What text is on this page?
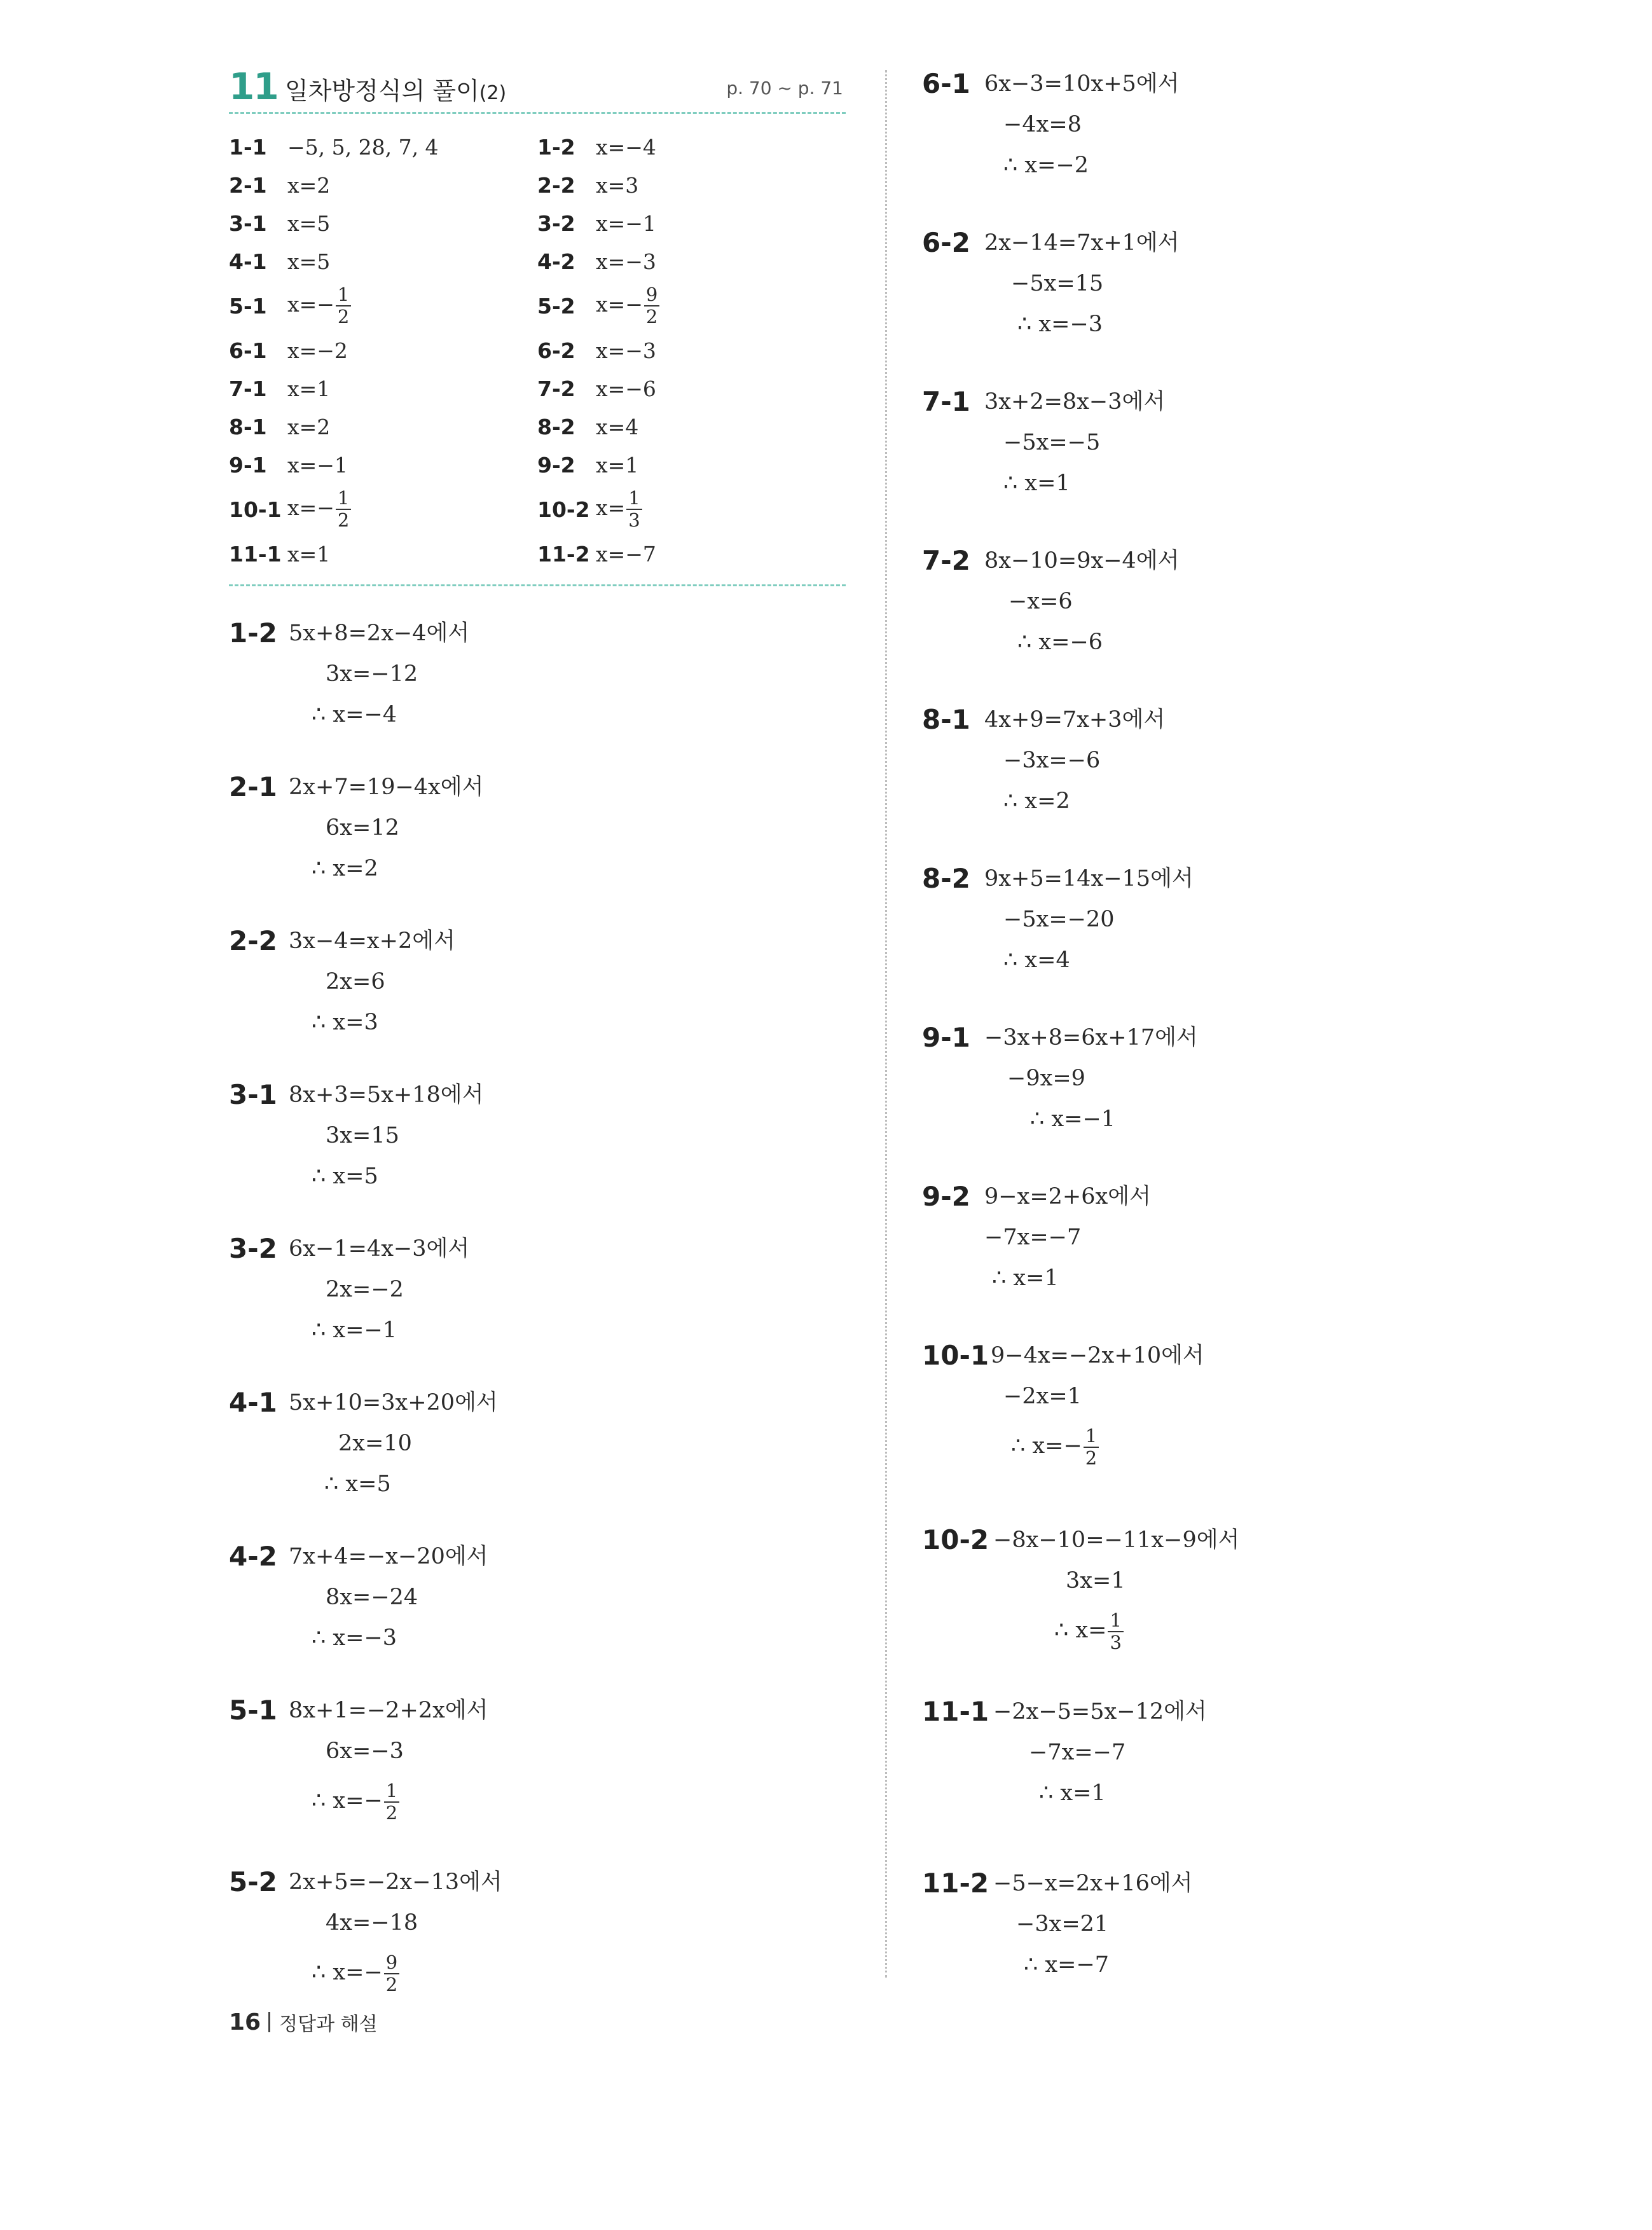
11 일차방정식의 풀이(2)	p. 70 ~ p. 71
1-1 −5, 5, 28, 7, 4	1-2 x=−4
2-1 x=2	2-2 x=3
3-1 x=5	3-2 x=−1
4-1 x=5	4-2 x=−3
5-1 $x=- \frac{1}{2}$	5-2 $x=- \frac{9}{2}$
6-1 x=−2	6-2 x=−3
7-1 x=1	7-2 x=−6
8-1 x=2	8-2 x=4
9-1 x=−1	9-2 x=1
10-1 $x=- \frac{1}{2}$	10-2 $x= \frac{1}{3}$
11-1 x=1	11-2 x=−7
1-2 5x+8=2x−4에서
3x=−12
∴ x=−4
2-1 2x+7=19−4x에서
6x=12
∴ x=2
2-2 3x−4=x+2에서
2x=6
∴ x=3
3-1 8x+3=5x+18에서
3x=15
∴ x=5
3-2 6x−1=4x−3에서
2x=−2
∴ x=−1
4-1 5x+10=3x+20에서
2x=10
∴ x=5
4-2 7x+4=−x−20에서
8x=−24
∴ x=−3
5-1 8x+1=−2+2x에서
6x=−3
∴ $x=- \frac{1}{2}$
5-2 2x+5=−2x−13에서
4x=−18
∴ $x=- \frac{9}{2}$
6-1 6x−3=10x+5에서
−4x=8
∴ x=−2
6-2 2x−14=7x+1에서
−5x=15
∴ x=−3
7-1 3x+2=8x−3에서
−5x=−5
∴ x=1
7-2 8x−10=9x−4에서
−x=6
∴ x=−6
8-1 4x+9=7x+3에서
−3x=−6
∴ x=2
8-2 9x+5=14x−15에서
−5x=−20
∴ x=4
9-1 −3x+8=6x+17에서
−9x=9
∴ x=−1
9-2 9−x=2+6x에서
−7x=−7
∴ x=1
10-1 9−4x=−2x+10에서
−2x=1
∴ $x=- \frac{1}{2}$
10-2 −8x−10=−11x−9에서
3x=1
∴ $x= \frac{1}{3}$
11-1 −2x−5=5x−12에서
−7x=−7
∴ x=1
11-2 −5−x=2x+16에서
−3x=21
∴ x=−7
16 정답과 해설
